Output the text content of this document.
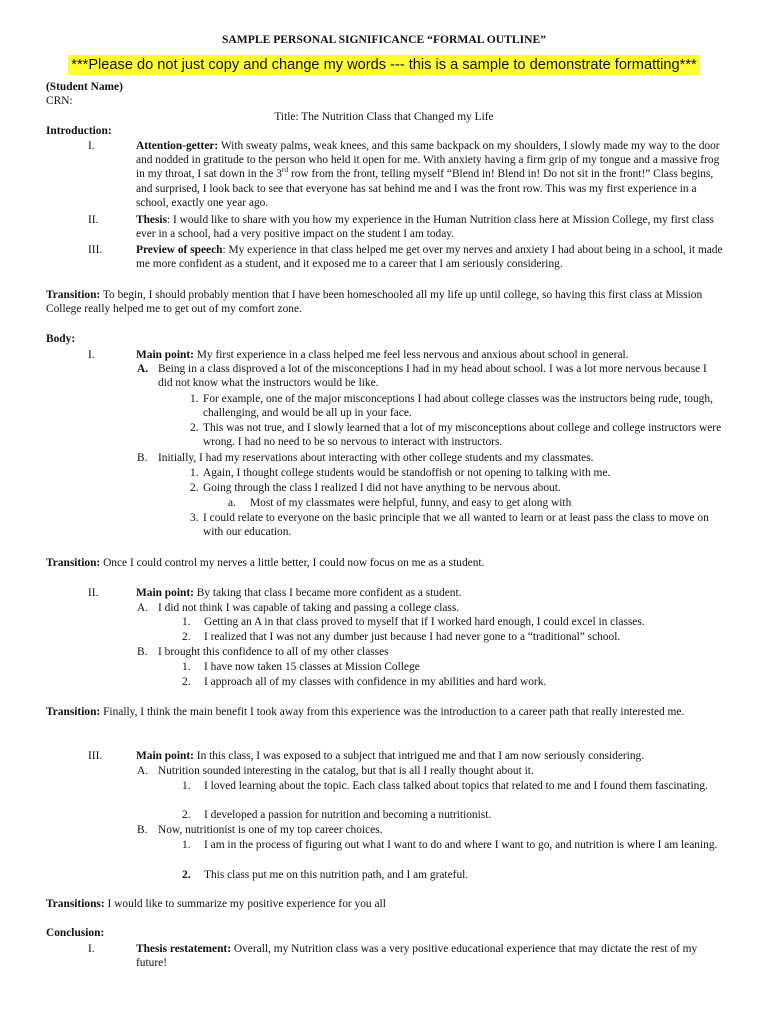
SAMPLE PERSONAL SIGNIFICANCE “FORMAL OUTLINE”
***Please do not just copy and change my words --- this is a sample to demonstrate formatting***
(Student Name)
CRN:
Title: The Nutrition Class that Changed my Life
Introduction:
I.	Attention-getter: With sweaty palms, weak knees, and this same backpack on my shoulders, I slowly made my way to the door and nodded in gratitude to the person who held it open for me. With anxiety having a firm grip of my tongue and a massive frog in my throat, I sat down in the 3rd row from the front, telling myself “Blend in! Blend in! Do not sit in the front!” Class begins, and surprised, I look back to see that everyone has sat behind me and I was the front row. This was my first experience in a school, exactly one year ago.
II.	Thesis: I would like to share with you how my experience in the Human Nutrition class here at Mission College, my first class ever in a school, had a very positive impact on the student I am today.
III.	Preview of speech: My experience in that class helped me get over my nerves and anxiety I had about being in a school, it made me more confident as a student, and it exposed me to a career that I am seriously considering.
Transition: To begin, I should probably mention that I have been homeschooled all my life up until college, so having this first class at Mission College really helped me to get out of my comfort zone.
Body:
I.	Main point: My first experience in a class helped me feel less nervous and anxious about school in general.
A. Being in a class disproved a lot of the misconceptions I had in my head about school. I was a lot more nervous because I did not know what the instructors would be like.
1. For example, one of the major misconceptions I had about college classes was the instructors being rude, tough, challenging, and would be all up in your face.
2. This was not true, and I slowly learned that a lot of my misconceptions about college and college instructors were wrong. I had no need to be so nervous to interact with instructors.
B. Initially, I had my reservations about interacting with other college students and my classmates.
1. Again, I thought college students would be standoffish or not opening to talking with me.
2. Going through the class I realized I did not have anything to be nervous about.
a.	Most of my classmates were helpful, funny, and easy to get along with
3. I could relate to everyone on the basic principle that we all wanted to learn or at least pass the class to move on with our education.
Transition: Once I could control my nerves a little better, I could now focus on me as a student.
II.	Main point: By taking that class I became more confident as a student.
A. I did not think I was capable of taking and passing a college class.
1.	Getting an A in that class proved to myself that if I worked hard enough, I could excel in classes.
2.	I realized that I was not any dumber just because I had never gone to a “traditional” school.
B. I brought this confidence to all of my other classes
1.	I have now taken 15 classes at Mission College
2.	I approach all of my classes with confidence in my abilities and hard work.
Transition: Finally, I think the main benefit I took away from this experience was the introduction to a career path that really interested me.
III.	Main point: In this class, I was exposed to a subject that intrigued me and that I am now seriously considering.
A. Nutrition sounded interesting in the catalog, but that is all I really thought about it.
1.	I loved learning about the topic. Each class talked about topics that related to me and I found them fascinating.
2.	I developed a passion for nutrition and becoming a nutritionist.
B. Now, nutritionist is one of my top career choices.
1.	I am in the process of figuring out what I want to do and where I want to go, and nutrition is where I am leaning.
2.	This class put me on this nutrition path, and I am grateful.
Transitions: I would like to summarize my positive experience for you all
Conclusion:
I.	Thesis restatement: Overall, my Nutrition class was a very positive educational experience that may dictate the rest of my future!
